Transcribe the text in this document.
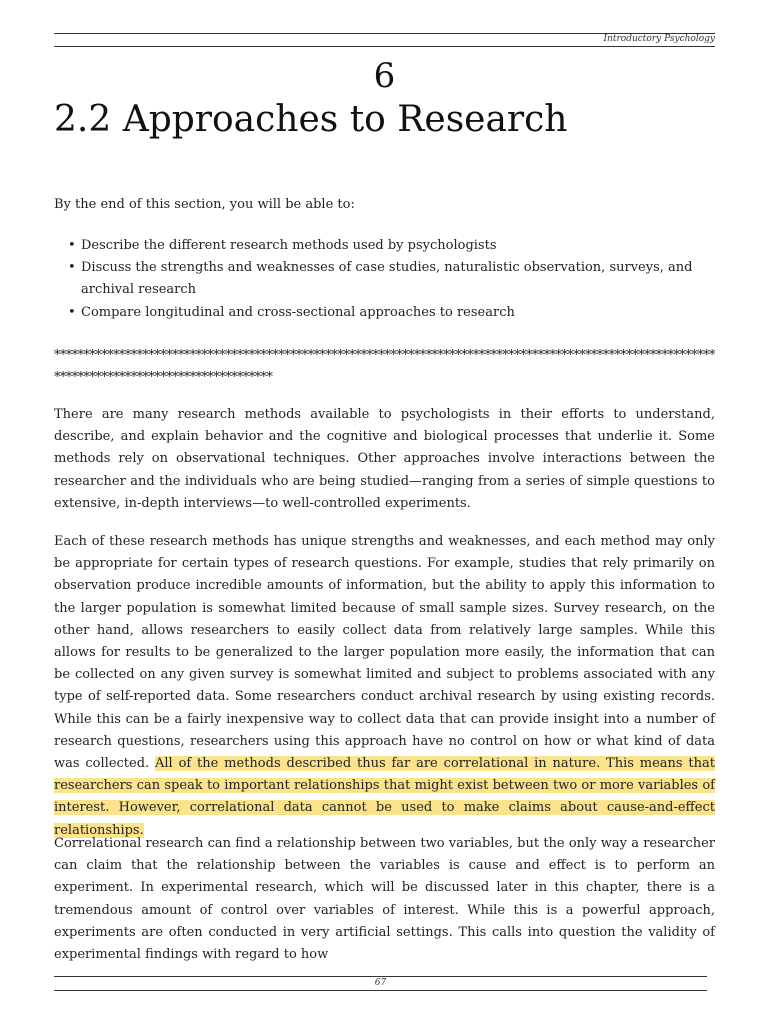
Introductory Psychology
6
2.2 Approaches to Research

By the end of this section, you will be able to:

• Describe the different research methods used by psychologists
• Discuss the strengths and weaknesses of case studies, naturalistic observation, surveys, and archival research
• Compare longitudinal and cross-sectional approaches to research
*****************************************************************************************************************************************************

There are many research methods available to psychologists in their efforts to understand, describe, and explain behavior and the cognitive and biological processes that underlie it. Some methods rely on observational techniques. Other approaches involve interactions between the researcher and the individuals who are being studied—ranging from a series of simple questions to extensive, in-depth interviews—to well-controlled experiments.

Each of these research methods has unique strengths and weaknesses, and each method may only be appropriate for certain types of research questions. For example, studies that rely primarily on observation produce incredible amounts of information, but the ability to apply this information to the larger population is somewhat limited because of small sample sizes. Survey research, on the other hand, allows researchers to easily collect data from relatively large samples. While this allows for results to be generalized to the larger population more easily, the information that can be collected on any given survey is somewhat limited and subject to problems associated with any type of self-reported data. Some researchers conduct archival research by using existing records. While this can be a fairly inexpensive way to collect data that can provide insight into a number of research questions, researchers using this approach have no control on how or what kind of data was collected. All of the methods described thus far are correlational in nature. This means that researchers can speak to important relationships that might exist between two or more variables of interest. However, correlational data cannot be used to make claims about cause-and-effect relationships.

Correlational research can find a relationship between two variables, but the only way a researcher can claim that the relationship between the variables is cause and effect is to perform an experiment. In experimental research, which will be discussed later in this chapter, there is a tremendous amount of control over variables of interest. While this is a powerful approach, experiments are often conducted in very artificial settings. This calls into question the validity of experimental findings with regard to how

67
